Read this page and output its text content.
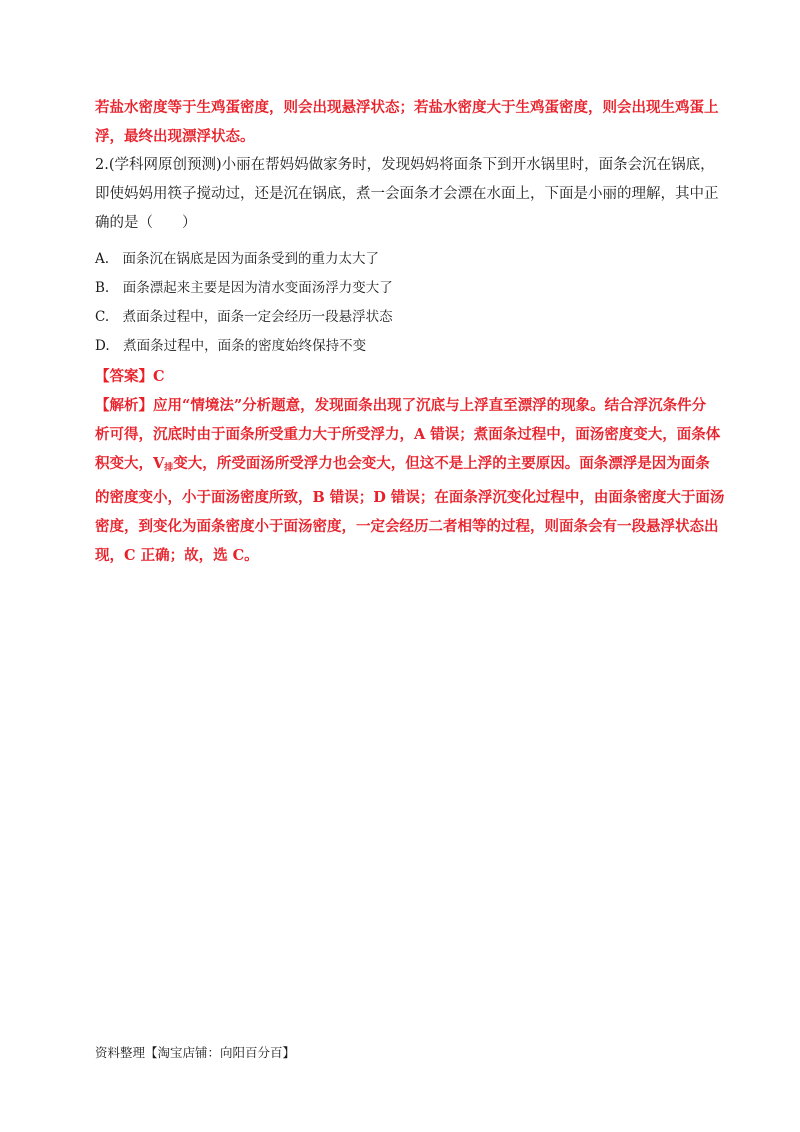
若盐水密度等于生鸡蛋密度，则会出现悬浮状态；若盐水密度大于生鸡蛋密度，则会出现生鸡蛋上
浮，最终出现漂浮状态。
2.(学科网原创预测)小丽在帮妈妈做家务时，发现妈妈将面条下到开水锅里时，面条会沉在锅底，
即使妈妈用筷子搅动过，还是沉在锅底，煮一会面条才会漂在水面上，下面是小丽的理解，其中正
确的是（　　）
A.　面条沉在锅底是因为面条受到的重力太大了
B.　面条漂起来主要是因为清水变面汤浮力变大了
C.　煮面条过程中，面条一定会经历一段悬浮状态
D.　煮面条过程中，面条的密度始终保持不变
【答案】C
【解析】应用“情境法”分析题意，发现面条出现了沉底与上浮直至漂浮的现象。结合浮沉条件分
析可得，沉底时由于面条所受重力大于所受浮力，A 错误；煮面条过程中，面汤密度变大，面条体
积变大，$V_排$变大，所受面汤所受浮力也会变大，但这不是上浮的主要原因。面条漂浮是因为面条
的密度变小，小于面汤密度所致，B 错误；D 错误；在面条浮沉变化过程中，由面条密度大于面汤
密度，到变化为面条密度小于面汤密度，一定会经历二者相等的过程，则面条会有一段悬浮状态出
现，C 正确；故，选 C。
资料整理【淘宝店铺：向阳百分百】
